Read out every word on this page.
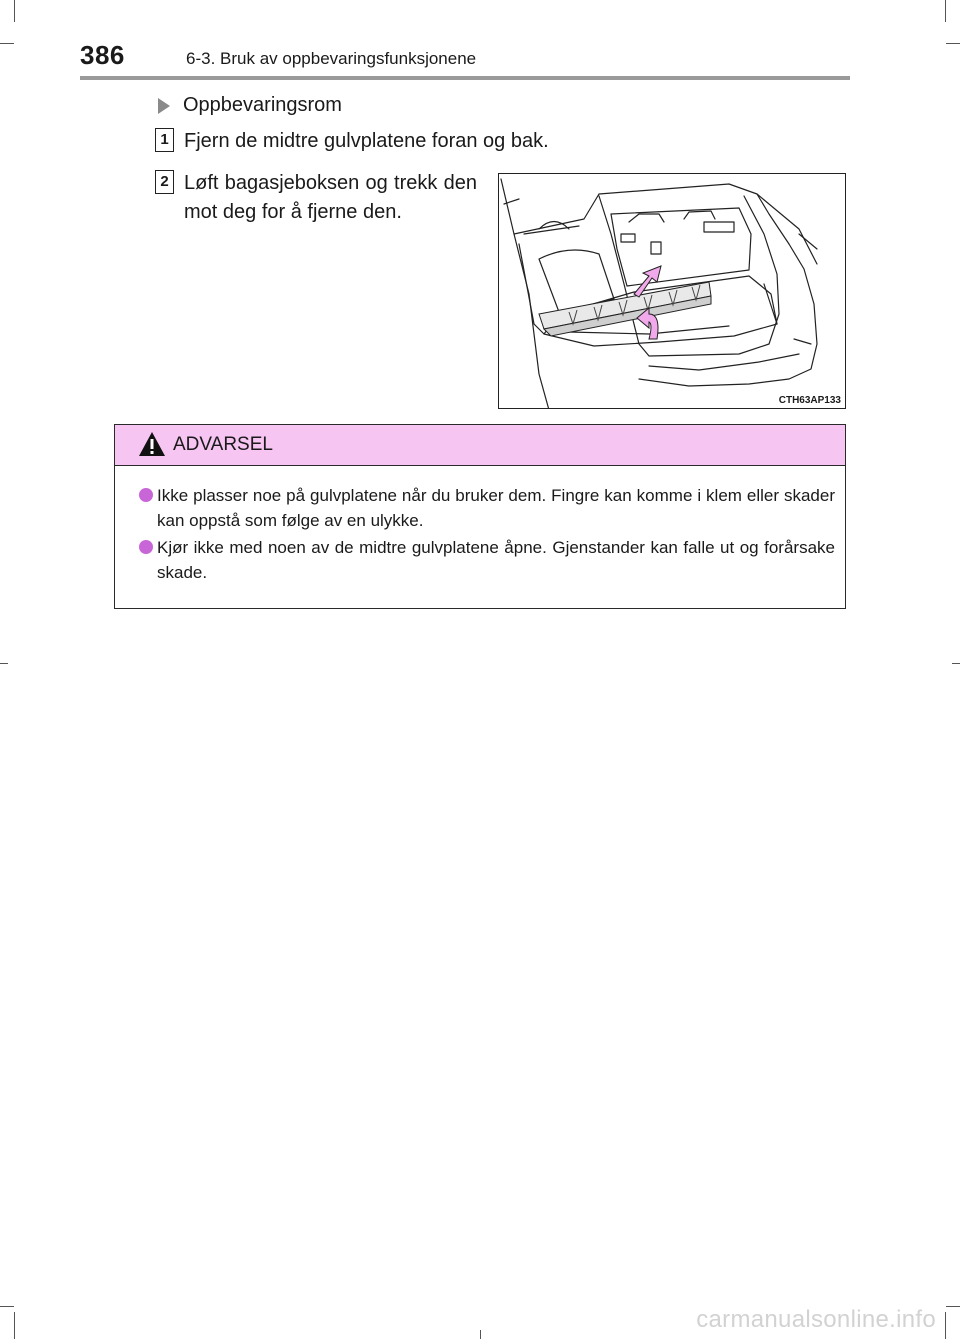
386	6-3. Bruk av oppbevaringsfunksjonene
Oppbevaringsrom
1 Fjern de midtre gulvplatene foran og bak.
2 Løft bagasjeboksen og trekk den mot deg for å fjerne den.
CTH63AP133
ADVARSEL
Ikke plasser noe på gulvplatene når du bruker dem. Fingre kan komme i klem eller skader kan oppstå som følge av en ulykke.
Kjør ikke med noen av de midtre gulvplatene åpne. Gjenstander kan falle ut og forårsake skade.
carmanualsonline.info
